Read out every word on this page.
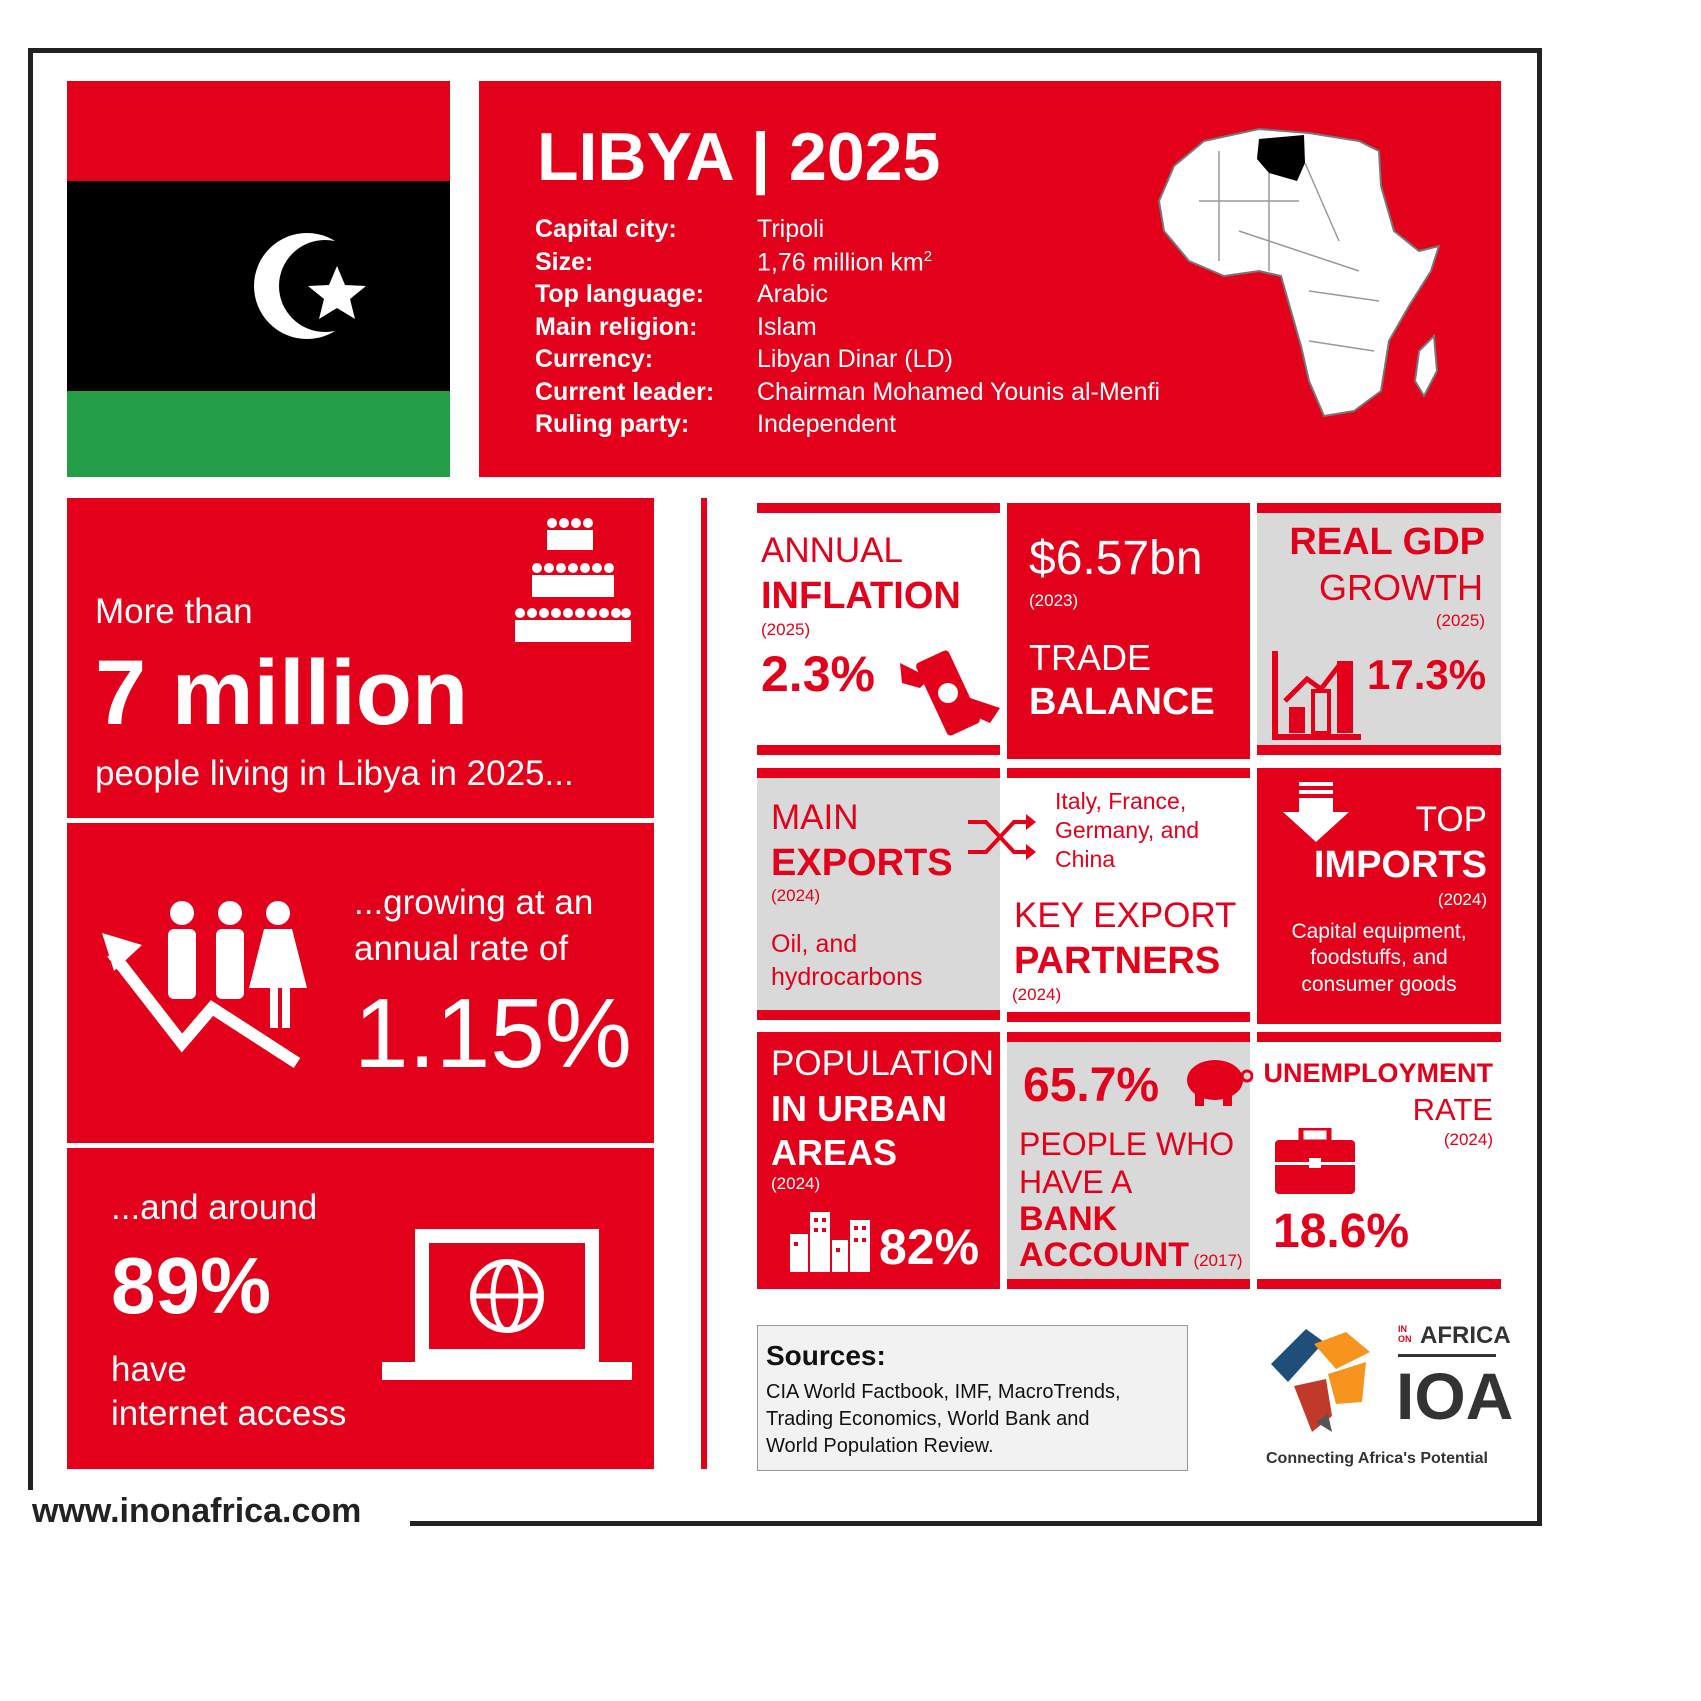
LIBYA | 2025
Capital city:	Tripoli
Size:	1,76 million $km^2$
Top language:	Arabic
Main religion:	Islam
Currency:	Libyan Dinar (LD)
Current leader:	Chairman Mohamed Younis al-Menfi
Ruling party:	Independent
More than
7 million
people living in Libya in 2025...
...growing at an
annual rate of
1.15%
...and around
89%
have
internet access
ANNUAL
INFLATION
(2025)
2.3%
$6.57bn
(2023)
TRADE
BALANCE
REAL GDP
GROWTH
(2025)
17.3%
MAIN
EXPORTS
(2024)
Oil, and
hydrocarbons
Italy, France,
Germany, and
China
KEY EXPORT
PARTNERS
(2024)
TOP
IMPORTS
(2024)
Capital equipment,
foodstuffs, and
consumer goods
POPULATION
IN URBAN
AREAS
(2024)
82%
65.7%
PEOPLE WHO
HAVE A
BANK
ACCOUNT (2017)
UNEMPLOYMENT
RATE
(2024)
18.6%
Sources:
CIA World Factbook, IMF, MacroTrends,
Trading Economics, World Bank and
World Population Review.
IN ON AFRICA
IOA
Connecting Africa's Potential
www.inonafrica.com
